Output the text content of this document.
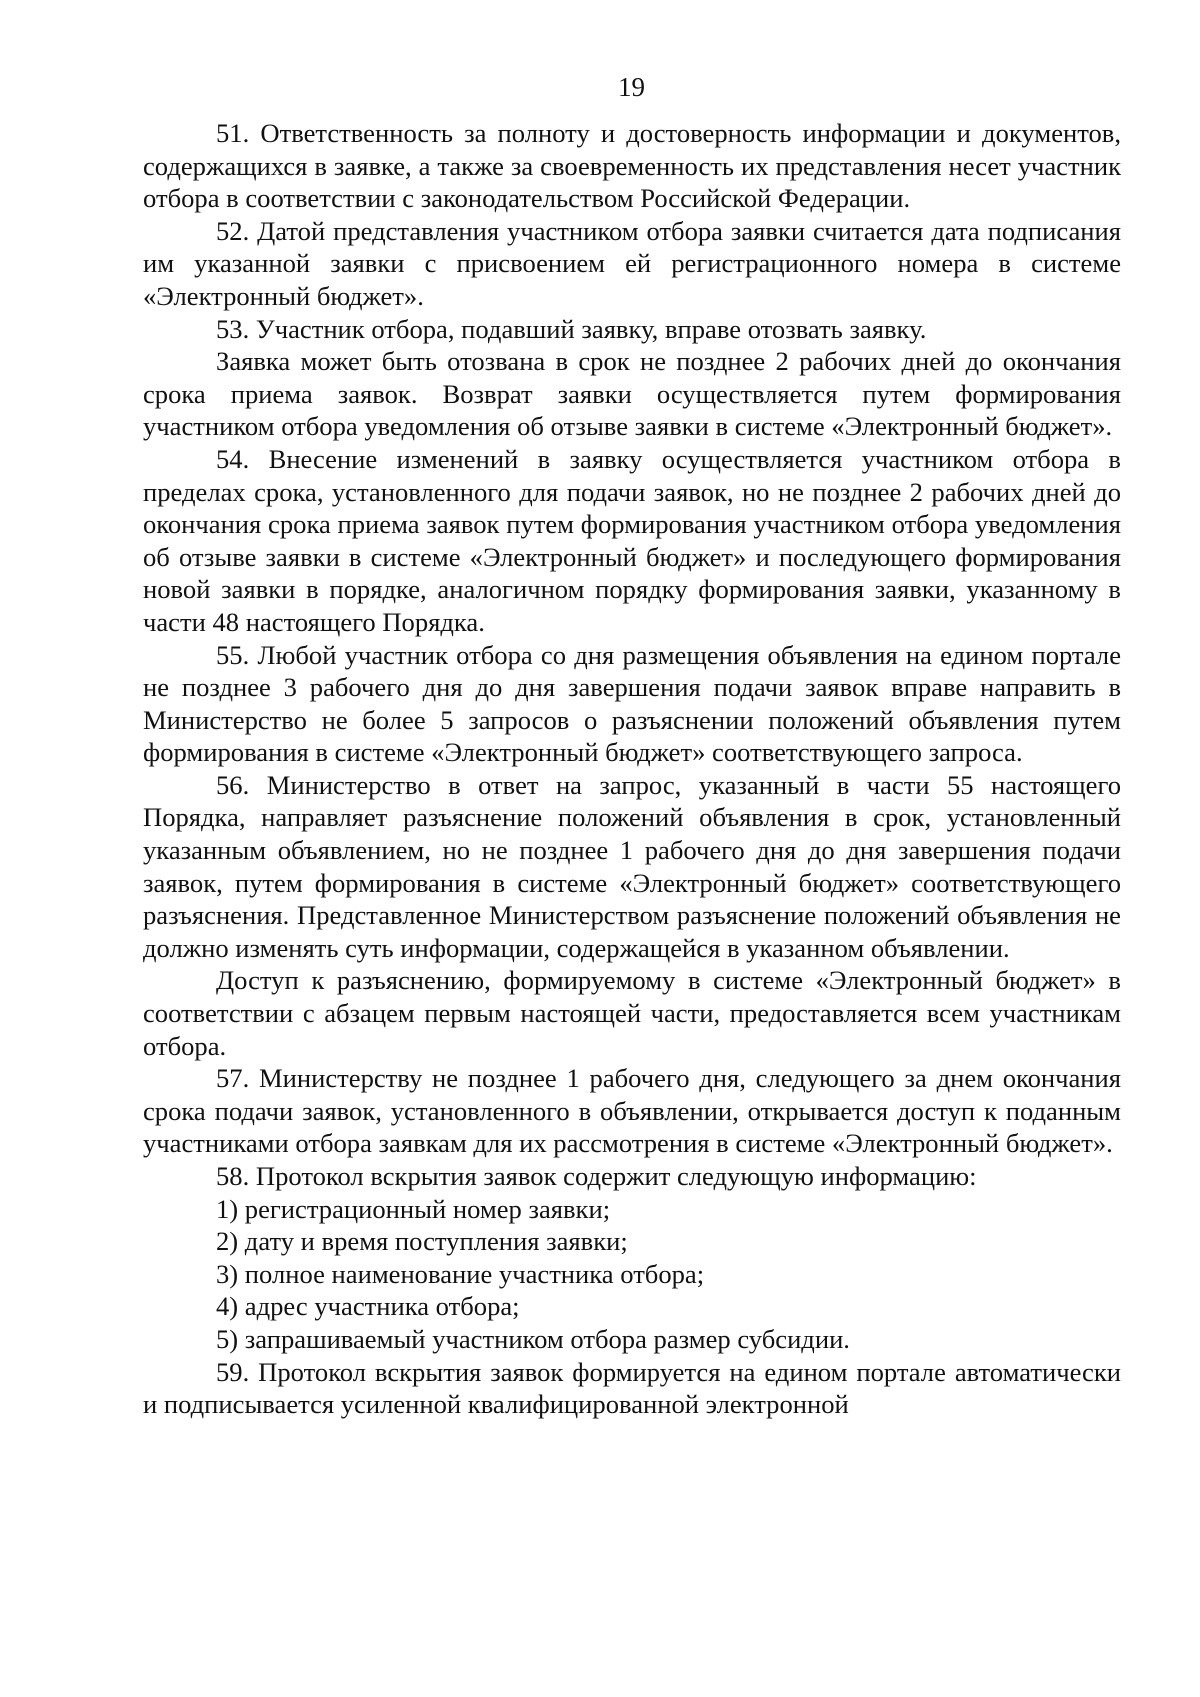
19

51. Ответственность за полноту и достоверность информации и документов, содержащихся в заявке, а также за своевременность их представления несет участник отбора в соответствии с законодательством Российской Федерации.

52. Датой представления участником отбора заявки считается дата подписания им указанной заявки с присвоением ей регистрационного номера в системе «Электронный бюджет».

53. Участник отбора, подавший заявку, вправе отозвать заявку.

Заявка может быть отозвана в срок не позднее 2 рабочих дней до окончания срока приема заявок. Возврат заявки осуществляется путем формирования участником отбора уведомления об отзыве заявки в системе «Электронный бюджет».

54. Внесение изменений в заявку осуществляется участником отбора в пределах срока, установленного для подачи заявок, но не позднее 2 рабочих дней до окончания срока приема заявок путем формирования участником отбора уведомления об отзыве заявки в системе «Электронный бюджет» и последующего формирования новой заявки в порядке, аналогичном порядку формирования заявки, указанному в части 48 настоящего Порядка.

55. Любой участник отбора со дня размещения объявления на едином портале не позднее 3 рабочего дня до дня завершения подачи заявок вправе направить в Министерство не более 5 запросов о разъяснении положений объявления путем формирования в системе «Электронный бюджет» соответствующего запроса.

56. Министерство в ответ на запрос, указанный в части 55 настоящего Порядка, направляет разъяснение положений объявления в срок, установленный указанным объявлением, но не позднее 1 рабочего дня до дня завершения подачи заявок, путем формирования в системе «Электронный бюджет» соответствующего разъяснения. Представленное Министерством разъяснение положений объявления не должно изменять суть информации, содержащейся в указанном объявлении.

Доступ к разъяснению, формируемому в системе «Электронный бюджет» в соответствии с абзацем первым настоящей части, предоставляется всем участникам отбора.

57. Министерству не позднее 1 рабочего дня, следующего за днем окончания срока подачи заявок, установленного в объявлении, открывается доступ к поданным участниками отбора заявкам для их рассмотрения в системе «Электронный бюджет».

58. Протокол вскрытия заявок содержит следующую информацию:

1) регистрационный номер заявки;

2) дату и время поступления заявки;

3) полное наименование участника отбора;

4) адрес участника отбора;

5) запрашиваемый участником отбора размер субсидии.

59. Протокол вскрытия заявок формируется на едином портале автоматически и подписывается усиленной квалифицированной электронной
